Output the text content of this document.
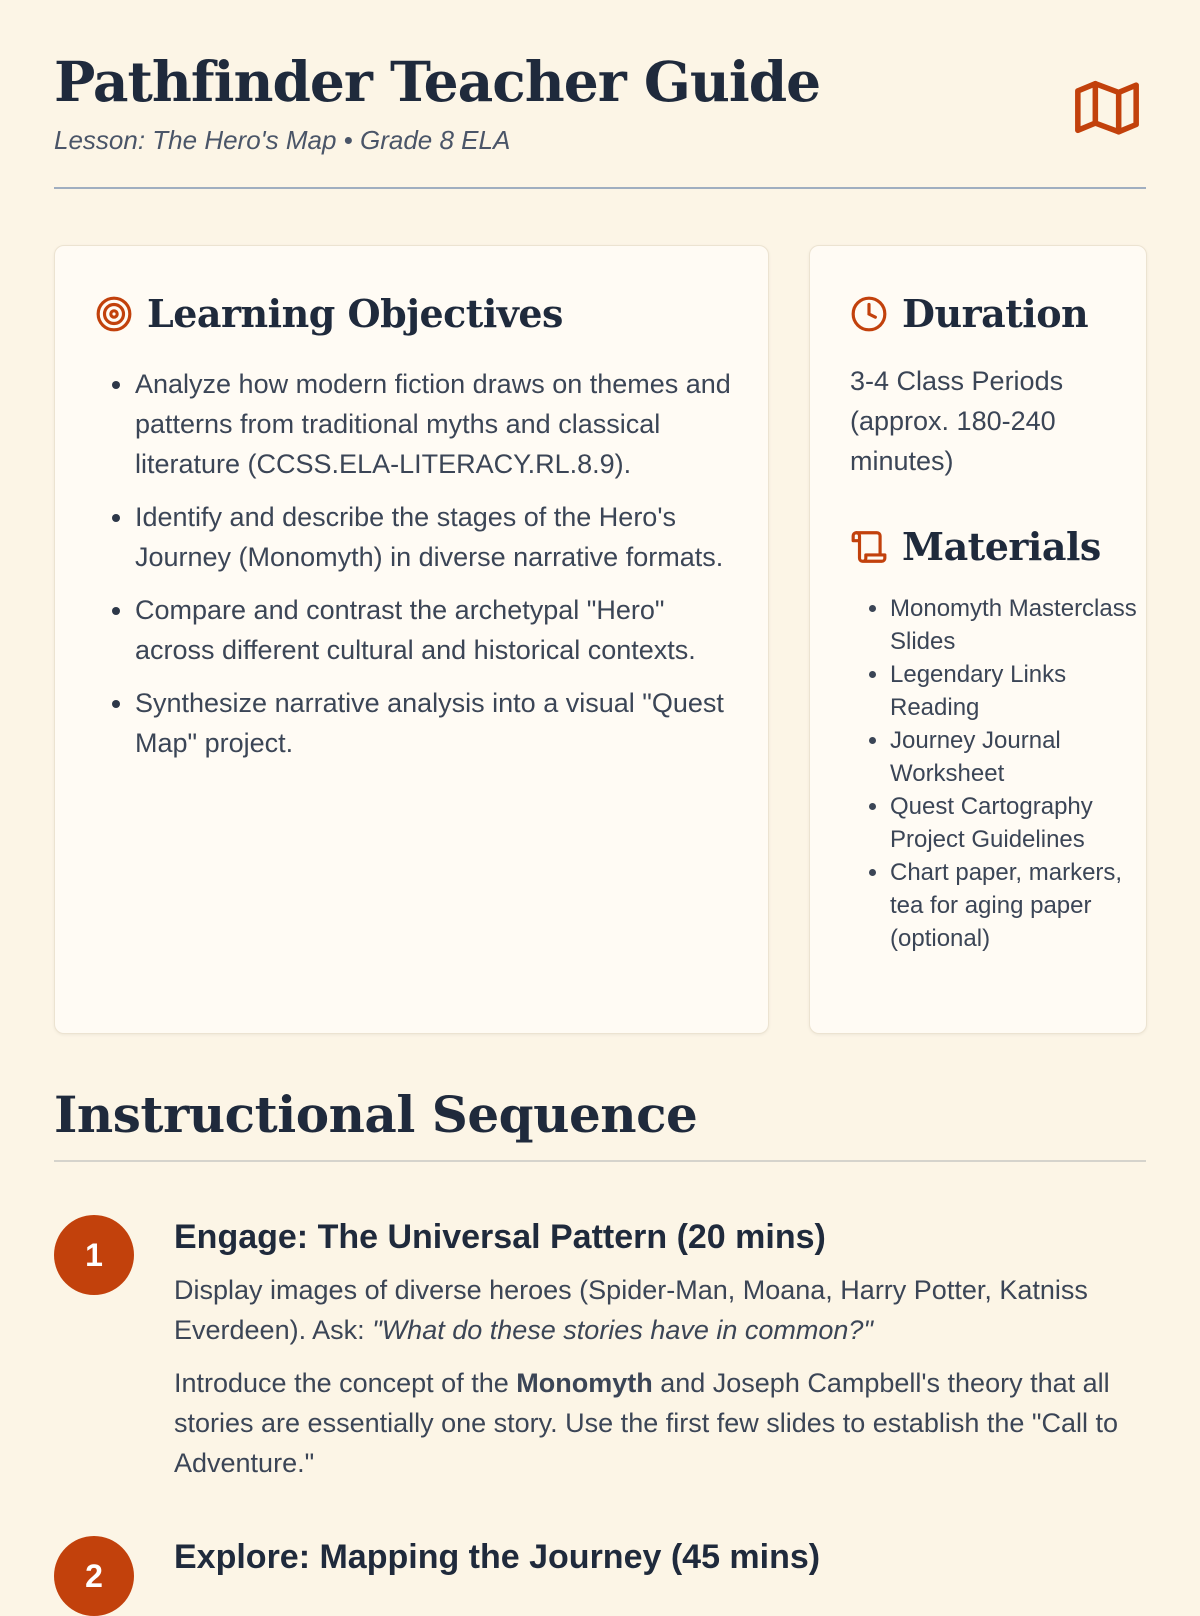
Pathfinder Teacher Guide
Lesson: The Hero's Map • Grade 8 ELA
Learning Objectives
• Analyze how modern fiction draws on themes and patterns from traditional myths and classical literature (CCSS.ELA-LITERACY.RL.8.9).
• Identify and describe the stages of the Hero's Journey (Monomyth) in diverse narrative formats.
• Compare and contrast the archetypal "Hero" across different cultural and historical contexts.
• Synthesize narrative analysis into a visual "Quest Map" project.
Duration
3-4 Class Periods (approx. 180-240 minutes)
Materials
• Monomyth Masterclass Slides
• Legendary Links Reading
• Journey Journal Worksheet
• Quest Cartography Project Guidelines
• Chart paper, markers, tea for aging paper (optional)
Instructional Sequence
1	Engage: The Universal Pattern (20 mins)

Display images of diverse heroes (Spider-Man, Moana, Harry Potter, Katniss Everdeen). Ask: "What do these stories have in common?"

Introduce the concept of the Monomyth and Joseph Campbell's theory that all stories are essentially one story. Use the first few slides to establish the "Call to Adventure."

2	Explore: Mapping the Journey (45 mins)
